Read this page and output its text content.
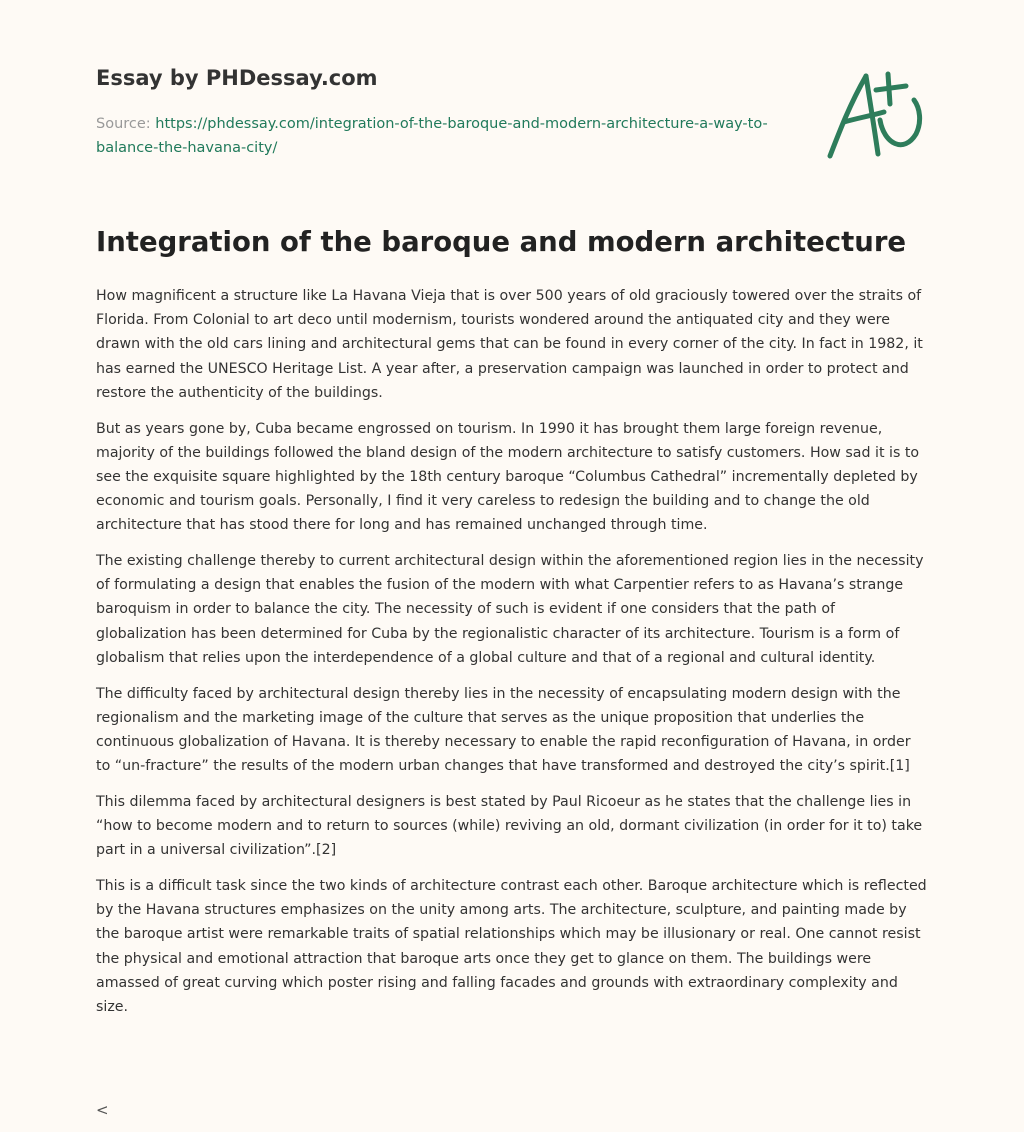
Essay by PHDessay.com
Source: https://phdessay.com/integration-of-the-baroque-and-modern-architecture-a-way-to-balance-the-havana-city/
Integration of the baroque and modern architecture

How magnificent a structure like La Havana Vieja that is over 500 years of old graciously towered over the straits of Florida. From Colonial to art deco until modernism, tourists wondered around the antiquated city and they were drawn with the old cars lining and architectural gems that can be found in every corner of the city. In fact in 1982, it has earned the UNESCO Heritage List. A year after, a preservation campaign was launched in order to protect and restore the authenticity of the buildings.

But as years gone by, Cuba became engrossed on tourism. In 1990 it has brought them large foreign revenue, majority of the buildings followed the bland design of the modern architecture to satisfy customers. How sad it is to see the exquisite square highlighted by the 18th century baroque “Columbus Cathedral” incrementally depleted by economic and tourism goals. Personally, I find it very careless to redesign the building and to change the old architecture that has stood there for long and has remained unchanged through time.

The existing challenge thereby to current architectural design within the aforementioned region lies in the necessity of formulating a design that enables the fusion of the modern with what Carpentier refers to as Havana’s strange baroquism in order to balance the city. The necessity of such is evident if one considers that the path of globalization has been determined for Cuba by the regionalistic character of its architecture. Tourism is a form of globalism that relies upon the interdependence of a global culture and that of a regional and cultural identity.

The difficulty faced by architectural design thereby lies in the necessity of encapsulating modern design with the regionalism and the marketing image of the culture that serves as the unique proposition that underlies the continuous globalization of Havana. It is thereby necessary to enable the rapid reconfiguration of Havana, in order to “un-fracture” the results of the modern urban changes that have transformed and destroyed the city’s spirit.[1]

This dilemma faced by architectural designers is best stated by Paul Ricoeur as he states that the challenge lies in “how to become modern and to return to sources (while) reviving an old, dormant civilization (in order for it to) take part in a universal civilization”.[2]

This is a difficult task since the two kinds of architecture contrast each other. Baroque architecture which is reflected by the Havana structures emphasizes on the unity among arts. The architecture, sculpture, and painting made by the baroque artist were remarkable traits of spatial relationships which may be illusionary or real. One cannot resist the physical and emotional attraction that baroque arts once they get to glance on them. The buildings were amassed of great curving which poster rising and falling facades and grounds with extraordinary complexity and size.

<
